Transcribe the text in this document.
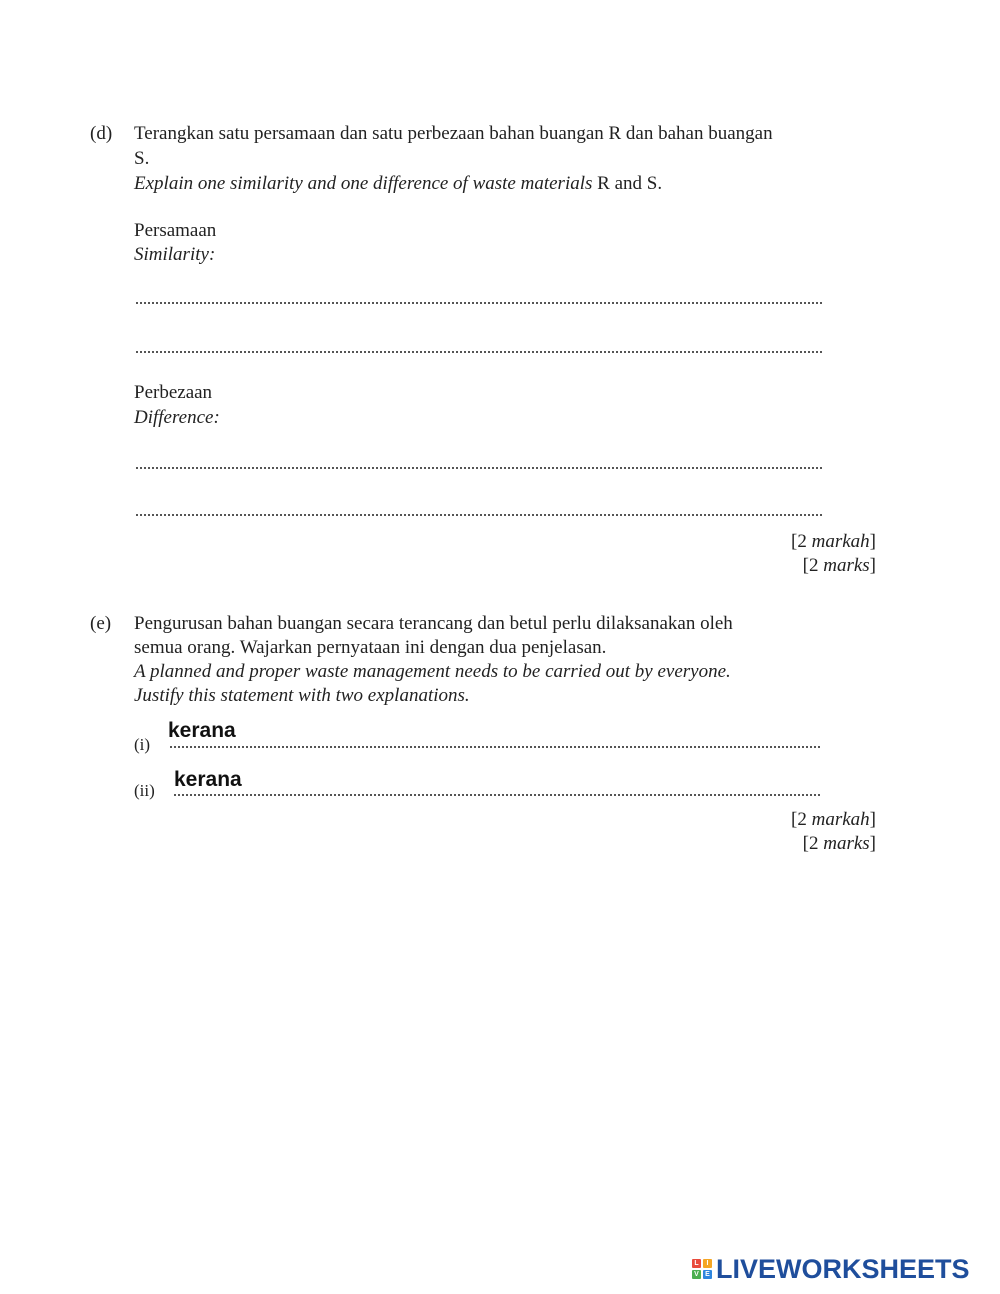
(d) Terangkan satu persamaan dan satu perbezaan bahan buangan R dan bahan buangan
S.
Explain one similarity and one difference of waste materials R and S.
Persamaan
Similarity:
Perbezaan
Difference:
[2 markah]
[2 marks]
(e) Pengurusan bahan buangan secara terancang dan betul perlu dilaksanakan oleh
semua orang. Wajarkan pernyataan ini dengan dua penjelasan.
A planned and proper waste management needs to be carried out by everyone.
Justify this statement with two explanations.
(i)
kerana
(ii) kerana
[2 markah]
[2 marks]
L	I
V E LIVEWORKSHEETS
